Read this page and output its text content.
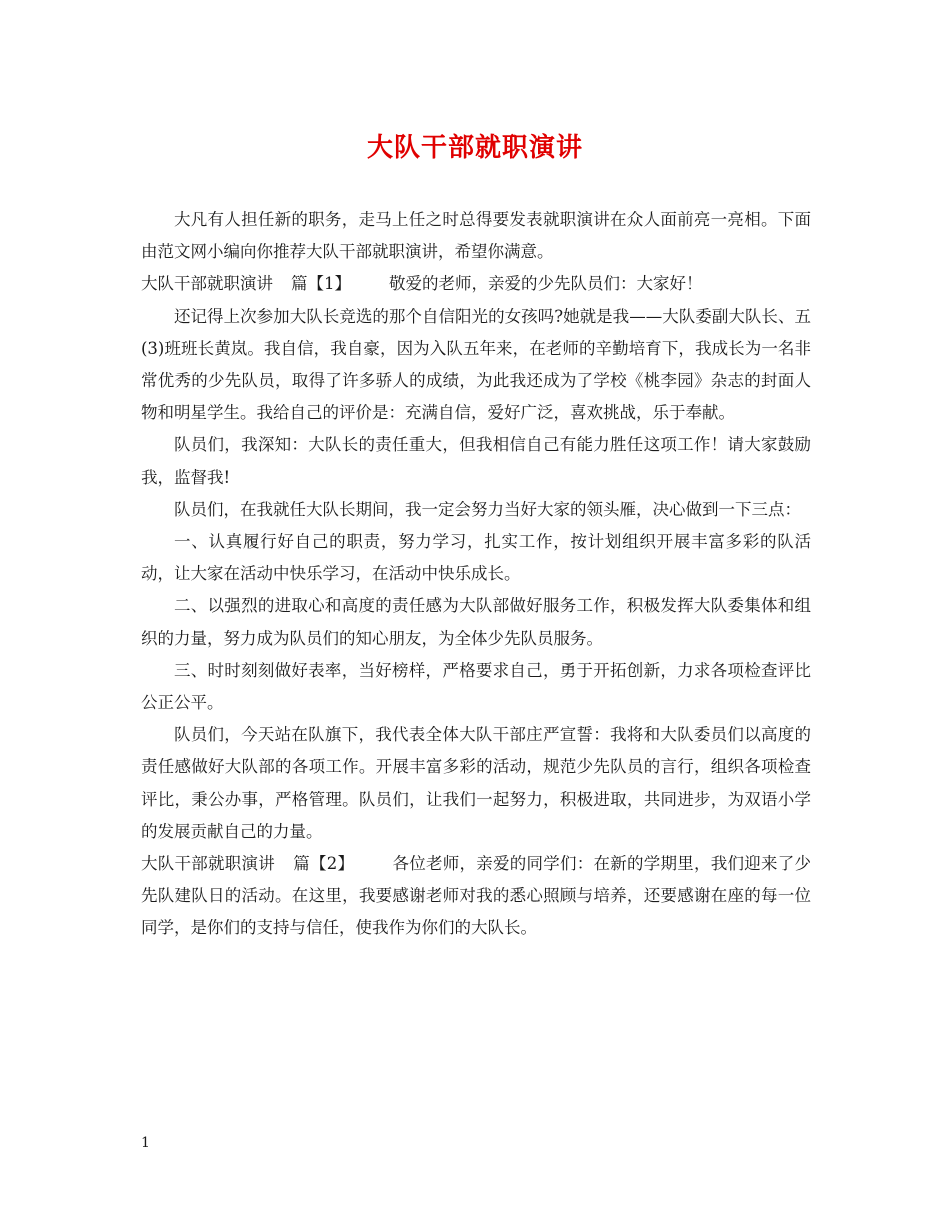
大队干部就职演讲

大凡有人担任新的职务，走马上任之时总得要发表就职演讲在众人面前亮一亮相。下面由范文网小编向你推荐大队干部就职演讲，希望你满意。

大队干部就职演讲 篇【1】 敬爱的老师，亲爱的少先队员们：大家好！

还记得上次参加大队长竞选的那个自信阳光的女孩吗?她就是我——大队委副大队长、五(3)班班长黄岚。我自信，我自豪，因为入队五年来，在老师的辛勤培育下，我成长为一名非常优秀的少先队员，取得了许多骄人的成绩，为此我还成为了学校《桃李园》杂志的封面人物和明星学生。我给自己的评价是：充满自信，爱好广泛，喜欢挑战，乐于奉献。

队员们，我深知：大队长的责任重大，但我相信自己有能力胜任这项工作！请大家鼓励我，监督我!

队员们，在我就任大队长期间，我一定会努力当好大家的领头雁，决心做到一下三点：

一、认真履行好自己的职责，努力学习，扎实工作，按计划组织开展丰富多彩的队活动，让大家在活动中快乐学习，在活动中快乐成长。

二、以强烈的进取心和高度的责任感为大队部做好服务工作，积极发挥大队委集体和组织的力量，努力成为队员们的知心朋友，为全体少先队员服务。

三、时时刻刻做好表率，当好榜样，严格要求自己，勇于开拓创新，力求各项检查评比公正公平。

队员们，今天站在队旗下，我代表全体大队干部庄严宣誓：我将和大队委员们以高度的责任感做好大队部的各项工作。开展丰富多彩的活动，规范少先队员的言行，组织各项检查评比，秉公办事，严格管理。队员们，让我们一起努力，积极进取，共同进步，为双语小学的发展贡献自己的力量。

大队干部就职演讲 篇【2】 各位老师，亲爱的同学们：在新的学期里，我们迎来了少先队建队日的活动。在这里，我要感谢老师对我的悉心照顾与培养，还要感谢在座的每一位同学，是你们的支持与信任，使我作为你们的大队长。

1
